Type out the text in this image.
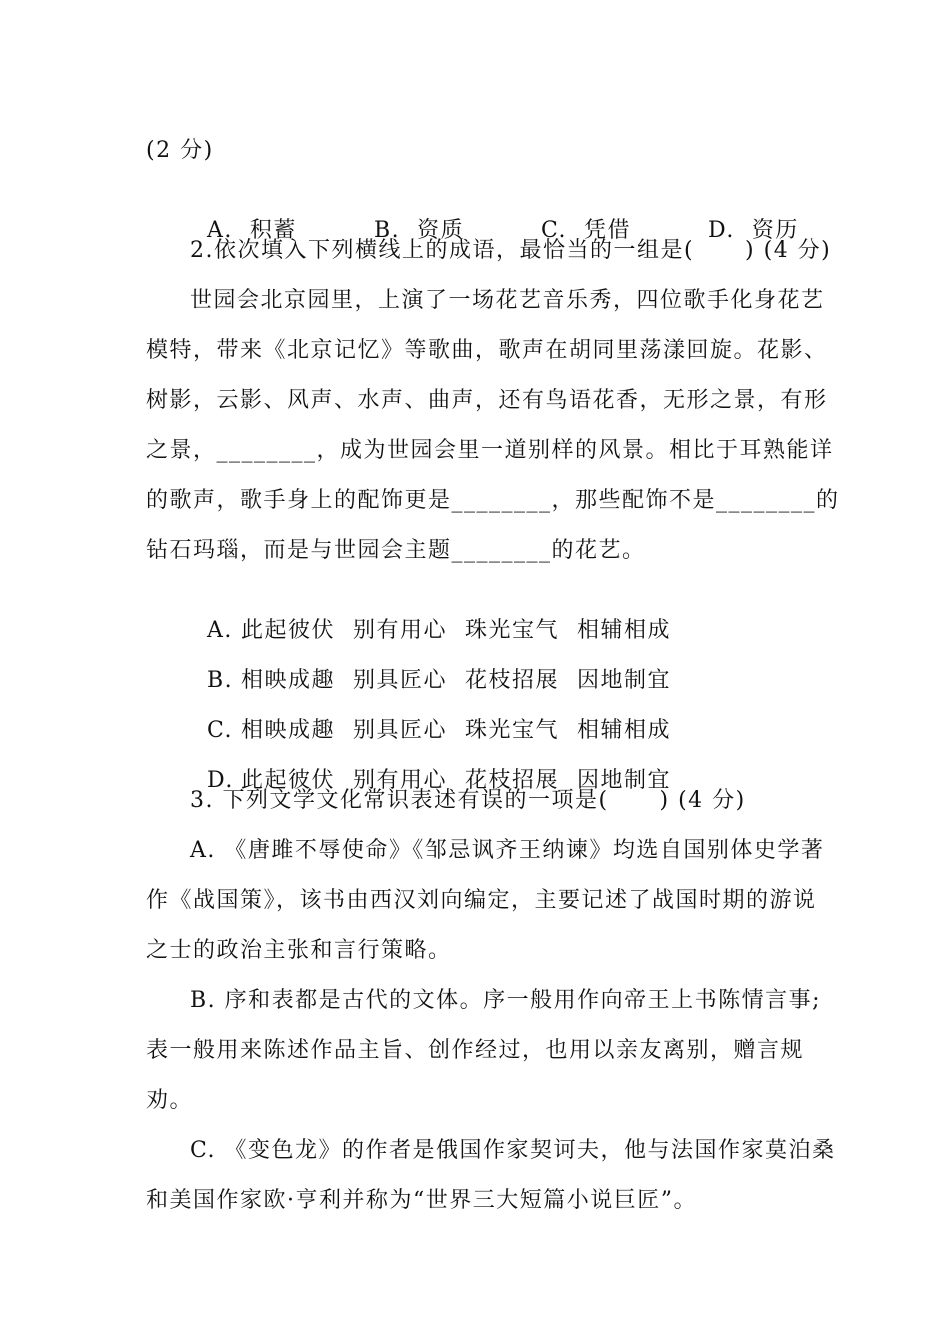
(2 分)

A.  积蓄	B.  资质	C.  凭借	D.  资历

2.依次填入下列横线上的成语，最恰当的一组是(      ) (4 分)
世园会北京园里，上演了一场花艺音乐秀，四位歌手化身花艺
模特，带来《北京记忆》等歌曲，歌声在胡同里荡漾回旋。花影、
树影，云影、风声、水声、曲声，还有鸟语花香，无形之景，有形
之景，________，成为世园会里一道别样的风景。相比于耳熟能详
的歌声，歌手身上的配饰更是________，那些配饰不是________的
钻石玛瑙，而是与世园会主题________的花艺。

A. 此起彼伏 别有用心 珠光宝气 相辅相成

B. 相映成趣 别具匠心 花枝招展 因地制宜

C. 相映成趣 别具匠心 珠光宝气 相辅相成

D. 此起彼伏 别有用心 花枝招展 因地制宜

3. 下列文学文化常识表述有误的一项是(      ) (4 分)
A. 《唐雎不辱使命》《邹忌讽齐王纳谏》均选自国别体史学著
作《战国策》，该书由西汉刘向编定，主要记述了战国时期的游说
之士的政治主张和言行策略。
B. 序和表都是古代的文体。序一般用作向帝王上书陈情言事;
表一般用来陈述作品主旨、创作经过，也用以亲友离别，赠言规
劝。
C. 《变色龙》的作者是俄国作家契诃夫，他与法国作家莫泊桑
和美国作家欧·亨利并称为“世界三大短篇小说巨匠”。
